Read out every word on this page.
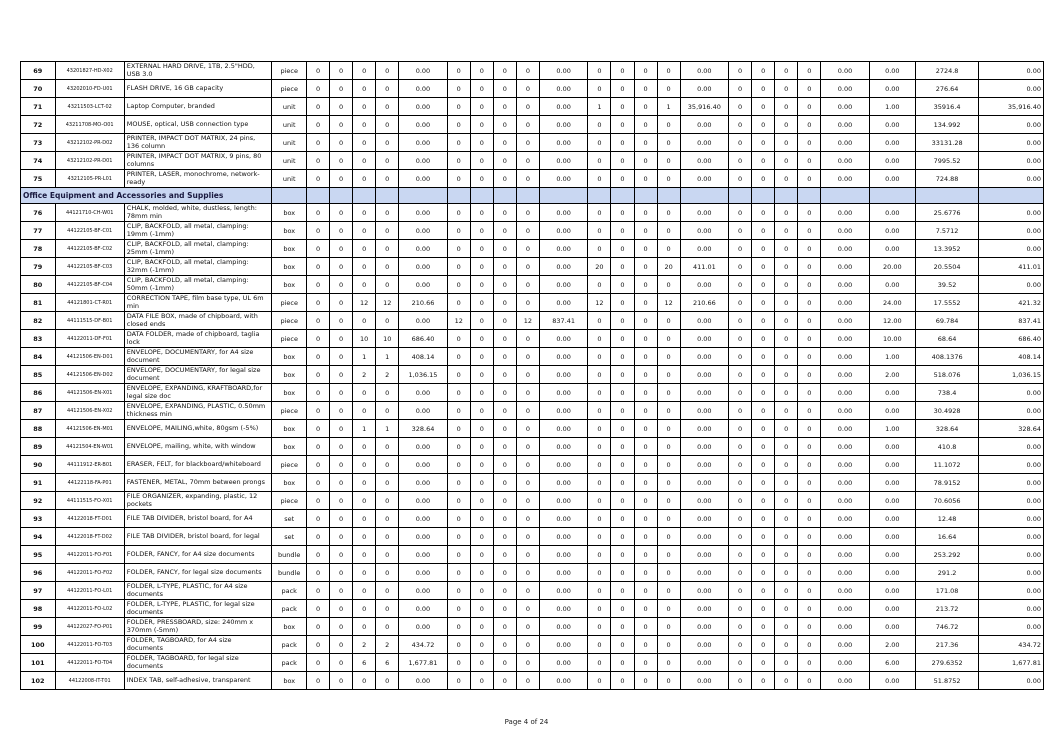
69	43201827-HD-X02	EXTERNAL HARD DRIVE, 1TB, 2.5"HDD, USB 3.0	piece	0	0	0	0	0.00	0	0	0	0	0.00	0	0	0	0	0.00	0	0	0	0	0.00	0.00	2724.8	0.00
70	43202010-FD-U01	FLASH DRIVE, 16 GB capacity	piece	0	0	0	0	0.00	0	0	0	0	0.00	0	0	0	0	0.00	0	0	0	0	0.00	0.00	276.64	0.00
71	43211503-LCT-02	Laptop Computer, branded	unit	0	0	0	0	0.00	0	0	0	0	0.00	1	0	0	1	35,916.40	0	0	0	0	0.00	1.00	35916.4	35,916.40
72	43211708-MO-O01	MOUSE, optical, USB connection type	unit	0	0	0	0	0.00	0	0	0	0	0.00	0	0	0	0	0.00	0	0	0	0	0.00	0.00	134.992	0.00
73	43212102-PR-D02	PRINTER, IMPACT DOT MATRIX, 24 pins, 136 column	unit	0	0	0	0	0.00	0	0	0	0	0.00	0	0	0	0	0.00	0	0	0	0	0.00	0.00	33131.28	0.00
74	43212102-PR-D01	PRINTER, IMPACT DOT MATRIX, 9 pins, 80 columns	unit	0	0	0	0	0.00	0	0	0	0	0.00	0	0	0	0	0.00	0	0	0	0	0.00	0.00	7995.52	0.00
75	43212105-PR-L01	PRINTER, LASER, monochrome, network-ready	unit	0	0	0	0	0.00	0	0	0	0	0.00	0	0	0	0	0.00	0	0	0	0	0.00	0.00	724.88	0.00
Office Equipment and Accessories and Supplies																										
76	44121710-CH-W01	CHALK, molded, white, dustless, length: 78mm min	box	0	0	0	0	0.00	0	0	0	0	0.00	0	0	0	0	0.00	0	0	0	0	0.00	0.00	25.6776	0.00
77	44122105-BF-C01	CLIP, BACKFOLD, all metal, clamping: 19mm (-1mm)	box	0	0	0	0	0.00	0	0	0	0	0.00	0	0	0	0	0.00	0	0	0	0	0.00	0.00	7.5712	0.00
78	44122105-BF-C02	CLIP, BACKFOLD, all metal, clamping: 25mm (-1mm)	box	0	0	0	0	0.00	0	0	0	0	0.00	0	0	0	0	0.00	0	0	0	0	0.00	0.00	13.3952	0.00
79	44122105-BF-C03	CLIP, BACKFOLD, all metal, clamping: 32mm (-1mm)	box	0	0	0	0	0.00	0	0	0	0	0.00	20	0	0	20	411.01	0	0	0	0	0.00	20.00	20.5504	411.01
80	44122105-BF-C04	CLIP, BACKFOLD, all metal, clamping: 50mm (-1mm)	box	0	0	0	0	0.00	0	0	0	0	0.00	0	0	0	0	0.00	0	0	0	0	0.00	0.00	39.52	0.00
81	44121801-CT-R01	CORRECTION TAPE, film base type, UL 6m min	piece	0	0	12	12	210.66	0	0	0	0	0.00	12	0	0	12	210.66	0	0	0	0	0.00	24.00	17.5552	421.32
82	44111515-DF-B01	DATA FILE BOX, made of chipboard, with closed ends	piece	0	0	0	0	0.00	12	0	0	12	837.41	0	0	0	0	0.00	0	0	0	0	0.00	12.00	69.784	837.41
83	44122011-DF-F01	DATA FOLDER, made of chipboard, taglia lock	piece	0	0	10	10	686.40	0	0	0	0	0.00	0	0	0	0	0.00	0	0	0	0	0.00	10.00	68.64	686.40
84	44121506-EN-D01	ENVELOPE, DOCUMENTARY, for A4 size document	box	0	0	1	1	408.14	0	0	0	0	0.00	0	0	0	0	0.00	0	0	0	0	0.00	1.00	408.1376	408.14
85	44121506-EN-D02	ENVELOPE, DOCUMENTARY, for legal size document	box	0	0	2	2	1,036.15	0	0	0	0	0.00	0	0	0	0	0.00	0	0	0	0	0.00	2.00	518.076	1,036.15
86	44121506-EN-X01	ENVELOPE, EXPANDING, KRAFTBOARD,for legal size doc	box	0	0	0	0	0.00	0	0	0	0	0.00	0	0	0	0	0.00	0	0	0	0	0.00	0.00	738.4	0.00
87	44121506-EN-X02	ENVELOPE, EXPANDING, PLASTIC, 0.50mm thickness min	piece	0	0	0	0	0.00	0	0	0	0	0.00	0	0	0	0	0.00	0	0	0	0	0.00	0.00	30.4928	0.00
88	44121506-EN-M01	ENVELOPE, MAILING,white, 80gsm (-5%)	box	0	0	1	1	328.64	0	0	0	0	0.00	0	0	0	0	0.00	0	0	0	0	0.00	1.00	328.64	328.64
89	44121504-EN-W01	ENVELOPE, mailing, white, with window	box	0	0	0	0	0.00	0	0	0	0	0.00	0	0	0	0	0.00	0	0	0	0	0.00	0.00	410.8	0.00
90	44111912-ER-B01	ERASER, FELT, for blackboard/whiteboard	piece	0	0	0	0	0.00	0	0	0	0	0.00	0	0	0	0	0.00	0	0	0	0	0.00	0.00	11.1072	0.00
91	44122118-FA-P01	FASTENER, METAL, 70mm between prongs	box	0	0	0	0	0.00	0	0	0	0	0.00	0	0	0	0	0.00	0	0	0	0	0.00	0.00	78.9152	0.00
92	44111515-FO-X01	FILE ORGANIZER, expanding, plastic, 12 pockets	piece	0	0	0	0	0.00	0	0	0	0	0.00	0	0	0	0	0.00	0	0	0	0	0.00	0.00	70.6056	0.00
93	44122018-FT-D01	FILE TAB DIVIDER, bristol board, for A4	set	0	0	0	0	0.00	0	0	0	0	0.00	0	0	0	0	0.00	0	0	0	0	0.00	0.00	12.48	0.00
94	44122018-FT-D02	FILE TAB DIVIDER, bristol board, for legal	set	0	0	0	0	0.00	0	0	0	0	0.00	0	0	0	0	0.00	0	0	0	0	0.00	0.00	16.64	0.00
95	44122011-FO-F01	FOLDER, FANCY, for A4 size documents	bundle	0	0	0	0	0.00	0	0	0	0	0.00	0	0	0	0	0.00	0	0	0	0	0.00	0.00	253.292	0.00
96	44122011-FO-F02	FOLDER, FANCY, for legal size documents	bundle	0	0	0	0	0.00	0	0	0	0	0.00	0	0	0	0	0.00	0	0	0	0	0.00	0.00	291.2	0.00
97	44122011-FO-L01	FOLDER, L-TYPE, PLASTIC, for A4 size documents	pack	0	0	0	0	0.00	0	0	0	0	0.00	0	0	0	0	0.00	0	0	0	0	0.00	0.00	171.08	0.00
98	44122011-FO-L02	FOLDER, L-TYPE, PLASTIC, for legal size documents	pack	0	0	0	0	0.00	0	0	0	0	0.00	0	0	0	0	0.00	0	0	0	0	0.00	0.00	213.72	0.00
99	44122027-FO-P01	FOLDER, PRESSBOARD, size: 240mm x 370mm (-5mm)	box	0	0	0	0	0.00	0	0	0	0	0.00	0	0	0	0	0.00	0	0	0	0	0.00	0.00	746.72	0.00
100	44122011-FO-T03	FOLDER, TAGBOARD, for A4 size documents	pack	0	0	2	2	434.72	0	0	0	0	0.00	0	0	0	0	0.00	0	0	0	0	0.00	2.00	217.36	434.72
101	44122011-FO-T04	FOLDER, TAGBOARD, for legal size documents	pack	0	0	6	6	1,677.81	0	0	0	0	0.00	0	0	0	0	0.00	0	0	0	0	0.00	6.00	279.6352	1,677.81
102	44122008-IT-T01	INDEX TAB, self-adhesive, transparent	box	0	0	0	0	0.00	0	0	0	0	0.00	0	0	0	0	0.00	0	0	0	0	0.00	0.00	51.8752	0.00
Page 4 of 24
